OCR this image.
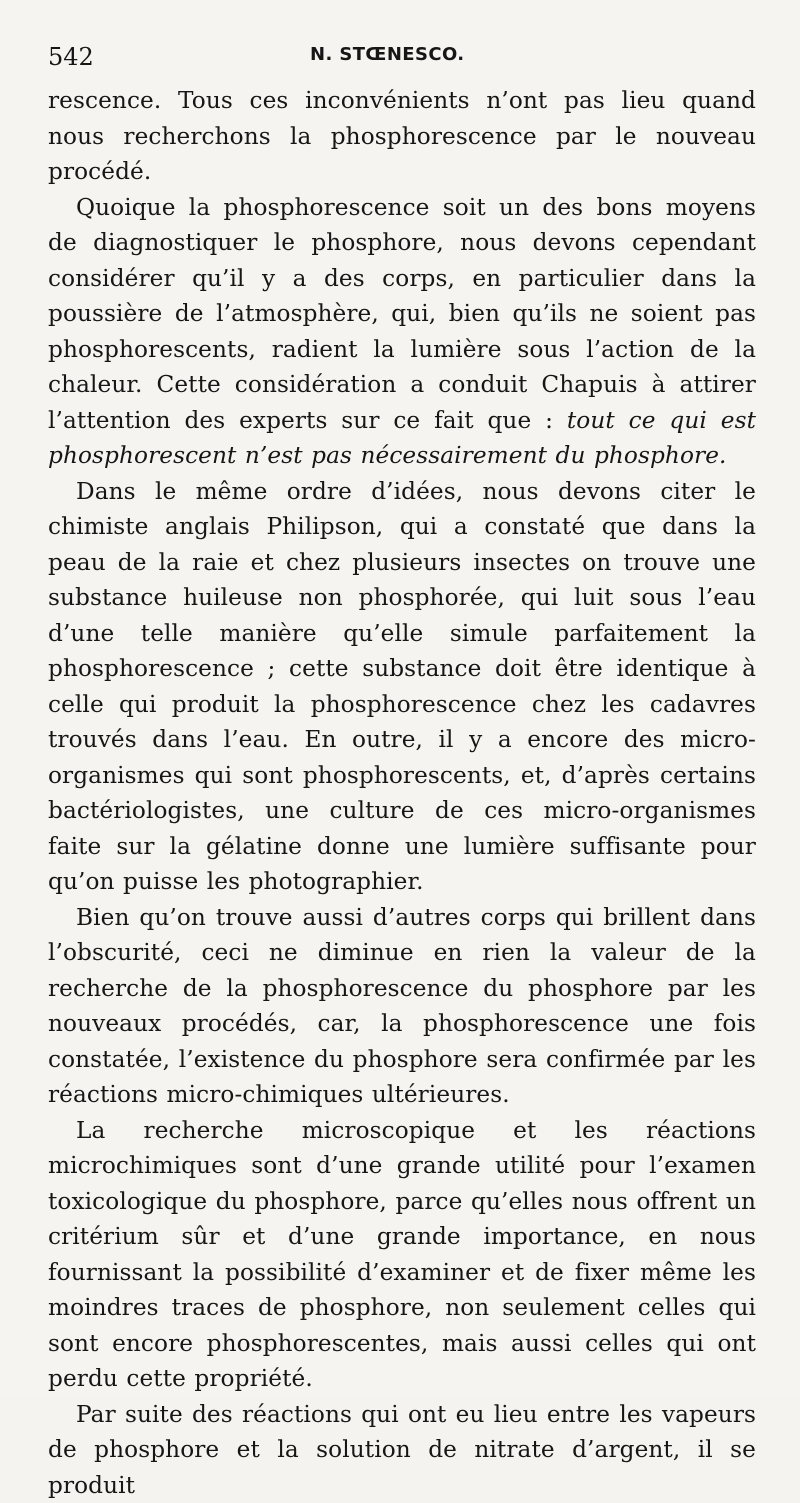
542	N. STŒNESCO.

rescence. Tous ces inconvénients n’ont pas lieu quand nous recherchons la phosphorescence par le nouveau procédé.

Quoique la phosphorescence soit un des bons moyens de diagnostiquer le phosphore, nous devons cependant considérer qu’il y a des corps, en particulier dans la poussière de l’atmosphère, qui, bien qu’ils ne soient pas phosphorescents, radient la lumière sous l’action de la chaleur. Cette considération a conduit Chapuis à attirer l’attention des experts sur ce fait que : tout ce qui est phosphorescent n’est pas nécessairement du phosphore.

Dans le même ordre d’idées, nous devons citer le chimiste anglais Philipson, qui a constaté que dans la peau de la raie et chez plusieurs insectes on trouve une substance huileuse non phosphorée, qui luit sous l’eau d’une telle manière qu’elle simule parfaitement la phosphorescence ; cette substance doit être identique à celle qui produit la phosphorescence chez les cadavres trouvés dans l’eau. En outre, il y a encore des micro-organismes qui sont phosphorescents, et, d’après certains bactériologistes, une culture de ces micro-organismes faite sur la gélatine donne une lumière suffisante pour qu’on puisse les photographier.

Bien qu’on trouve aussi d’autres corps qui brillent dans l’obscurité, ceci ne diminue en rien la valeur de la recherche de la phosphorescence du phosphore par les nouveaux procédés, car, la phosphorescence une fois constatée, l’existence du phosphore sera confirmée par les réactions micro-chimiques ultérieures.

La recherche microscopique et les réactions microchimiques sont d’une grande utilité pour l’examen toxicologique du phosphore, parce qu’elles nous offrent un critérium sûr et d’une grande importance, en nous fournissant la possibilité d’examiner et de fixer même les moindres traces de phosphore, non seulement celles qui sont encore phosphorescentes, mais aussi celles qui ont perdu cette propriété.

Par suite des réactions qui ont eu lieu entre les vapeurs de phosphore et la solution de nitrate d’argent, il se produit
